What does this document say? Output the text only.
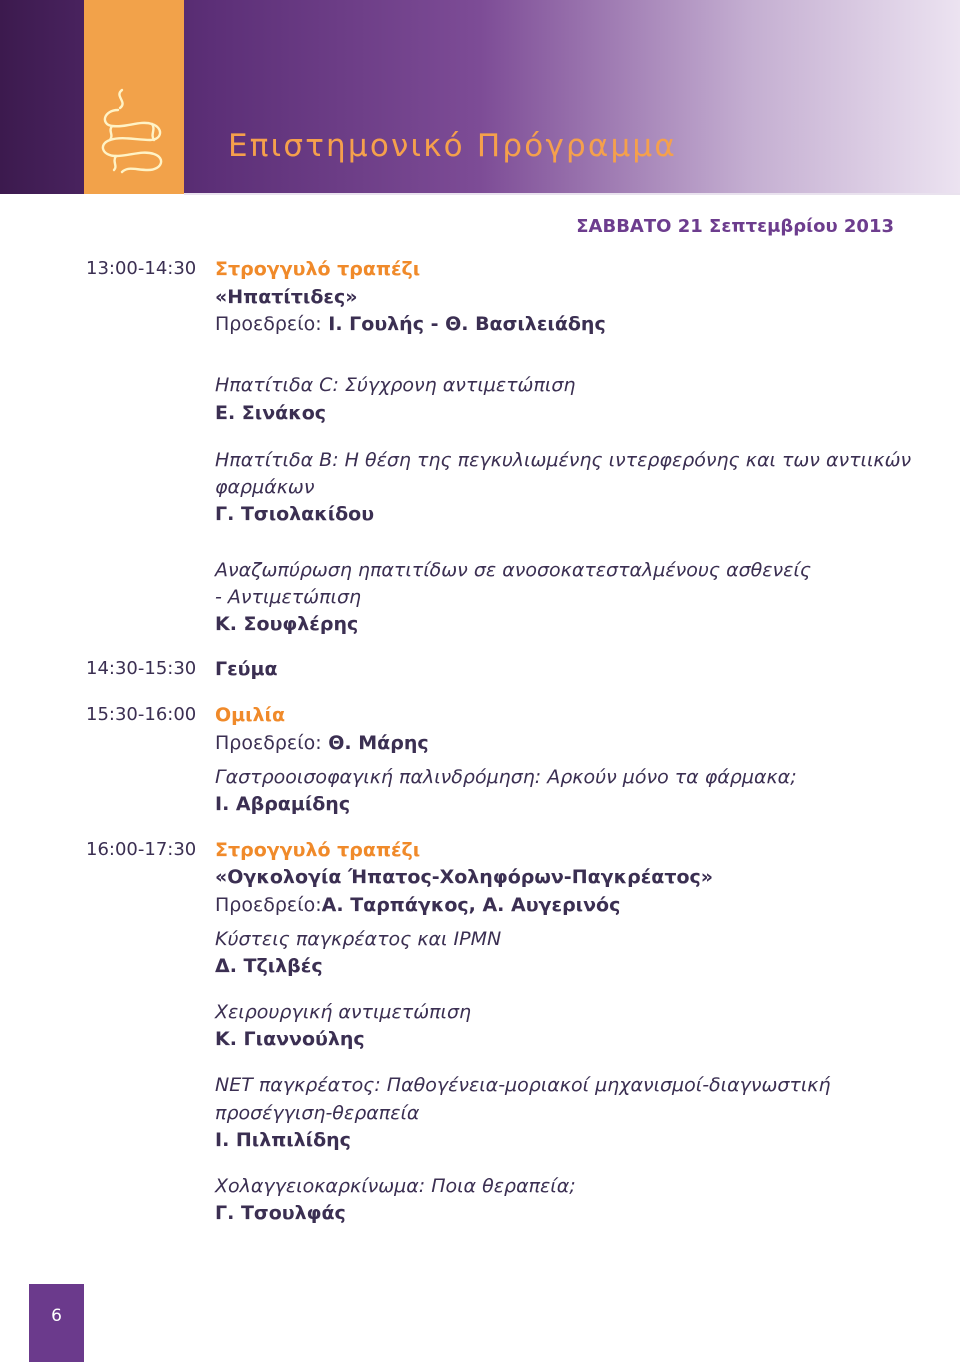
Επιστημονικό Πρόγραμμα
ΣΑΒΒΑΤΟ 21 Σεπτεμβρίου 2013
13:00-14:30 Στρογγυλό τραπέζι
«Ηπατίτιδες»
Προεδρείο: Ι. Γουλής - Θ. Βασιλειάδης
Ηπατίτιδα C: Σύγχρονη αντιμετώπιση
Ε. Σινάκος
Ηπατίτιδα Β: Η θέση της πεγκυλιωμένης ιντερφερόνης και των αντιικών
φαρμάκων
Γ. Τσιολακίδου
Αναζωπύρωση ηπατιτίδων σε ανοσοκατεσταλμένους ασθενείς
- Αντιμετώπιση
Κ. Σουφλέρης
14:30-15:30 Γεύμα
15:30-16:00 Ομιλία
Προεδρείο: Θ. Μάρης
Γαστροοισοφαγική παλινδρόμηση: Αρκούν μόνο τα φάρμακα;
Ι. Αβραμίδης
16:00-17:30 Στρογγυλό τραπέζι
«Ογκολογία Ήπατος-Χοληφόρων-Παγκρέατος»
Προεδρείο:Α. Ταρπάγκος, Α. Αυγερινός
Κύστεις παγκρέατος και IPMN
Δ. Τζιλβές
Χειρουργική αντιμετώπιση
Κ. Γιαννούλης
NET παγκρέατος: Παθογένεια-μοριακοί μηχανισμοί-διαγνωστική
προσέγγιση-θεραπεία
Ι. Πιλπιλίδης
Χολαγγειοκαρκίνωμα: Ποια θεραπεία;
Γ. Τσουλφάς
6
